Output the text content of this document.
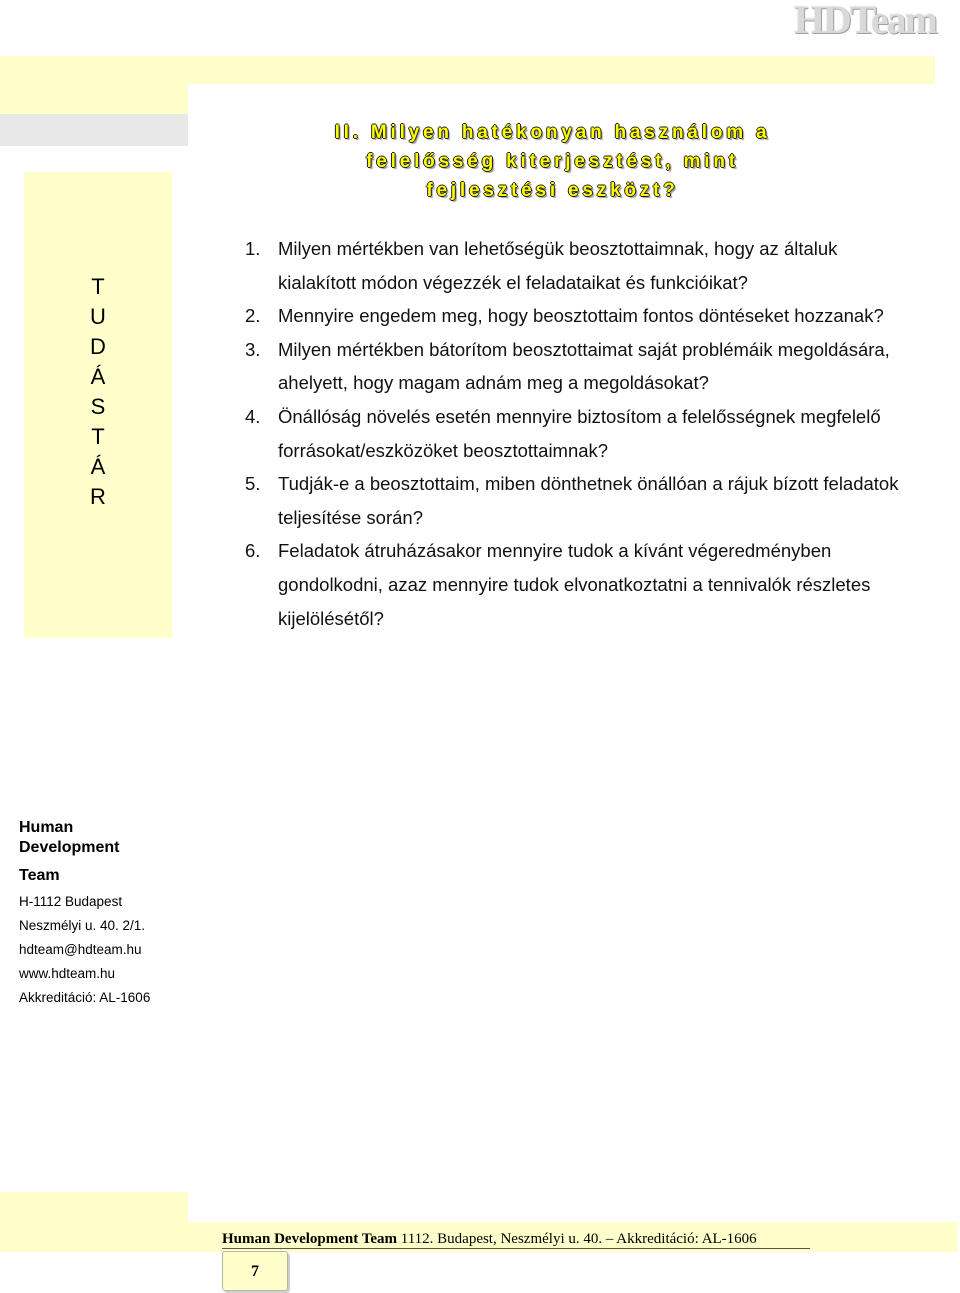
HDTeam
T
U
D
Á
S
T
Á
R
II. Milyen hatékonyan használom a
felelősség kiterjesztést, mint
fejlesztési eszközt?
1. Milyen mértékben van lehetőségük beosztottaimnak, hogy az általuk kialakított módon végezzék el feladataikat és funkcióikat?
2. Mennyire engedem meg, hogy beosztottaim fontos döntéseket hozzanak?
3. Milyen mértékben bátorítom beosztottaimat saját problémáik megoldására, ahelyett, hogy magam adnám meg a megoldásokat?
4. Önállóság növelés esetén mennyire biztosítom a felelősségnek megfelelő forrásokat/eszközöket beosztottaimnak?
5. Tudják-e a beosztottaim, miben dönthetnek önállóan a rájuk bízott feladatok teljesítése során?
6. Feladatok átruházásakor mennyire tudok a kívánt végeredményben gondolkodni, azaz mennyire tudok elvonatkoztatni a tennivalók részletes kijelölésétől?
Human
Development
Team
H-1112 Budapest
Neszmélyi u. 40. 2/1.
hdteam@hdteam.hu
www.hdteam.hu
Akkreditáció: AL-1606
Human Development Team 1112. Budapest, Neszmélyi u. 40. – Akkreditáció: AL-1606
7
